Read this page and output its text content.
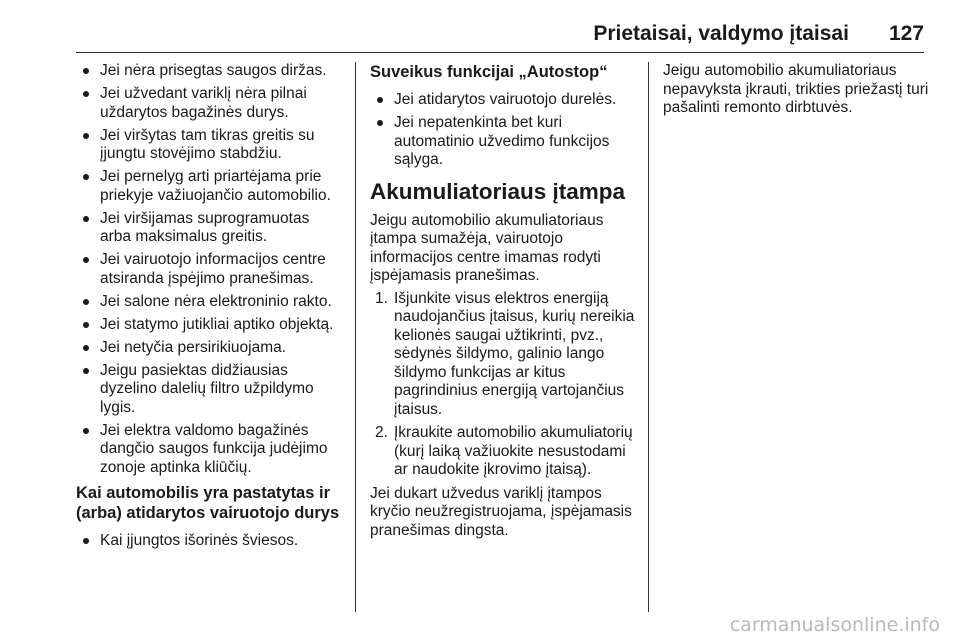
Prietaisai, valdymo įtaisai 127
Jei nėra prisegtas saugos diržas.
Jei užvedant variklį nėra pilnai uždarytos bagažinės durys.
Jei viršytas tam tikras greitis su įjungtu stovėjimo stabdžiu.
Jei pernelyg arti priartėjama prie priekyje važiuojančio automobilio.
Jei viršijamas suprogramuotas arba maksimalus greitis.
Jei vairuotojo informacijos centre atsiranda įspėjimo pranešimas.
Jei salone nėra elektroninio rakto.
Jei statymo jutikliai aptiko objektą.
Jei netyčia persirikiuojama.
Jeigu pasiektas didžiausias dyzelino dalelių filtro užpildymo lygis.
Jei elektra valdomo bagažinės dangčio saugos funkcija judėjimo zonoje aptinka kliūčių.
Kai automobilis yra pastatytas ir (arba) atidarytos vairuotojo durys
Kai įjungtos išorinės šviesos.
Suveikus funkcijai „Autostop“
Jei atidarytos vairuotojo durelės.
Jei nepatenkinta bet kuri automatinio užvedimo funkcijos sąlyga.
Akumuliatoriaus įtampa

Jeigu automobilio akumuliatoriaus įtampa sumažėja, vairuotojo informacijos centre imamas rodyti įspėjamasis pranešimas.

1. Išjunkite visus elektros energiją naudojančius įtaisus, kurių nereikia kelionės saugai užtikrinti, pvz., sėdynės šildymo, galinio lango šildymo funkcijas ar kitus pagrindinius energiją vartojančius įtaisus.
2. Įkraukite automobilio akumuliatorių (kurį laiką važiuokite nesustodami ar naudokite įkrovimo įtaisą).

Jei dukart užvedus variklį įtampos kryčio neužregistruojama, įspėjamasis pranešimas dingsta.

Jeigu automobilio akumuliatoriaus nepavyksta įkrauti, trikties priežastį turi pašalinti remonto dirbtuvės.

carmanualsonline.info
